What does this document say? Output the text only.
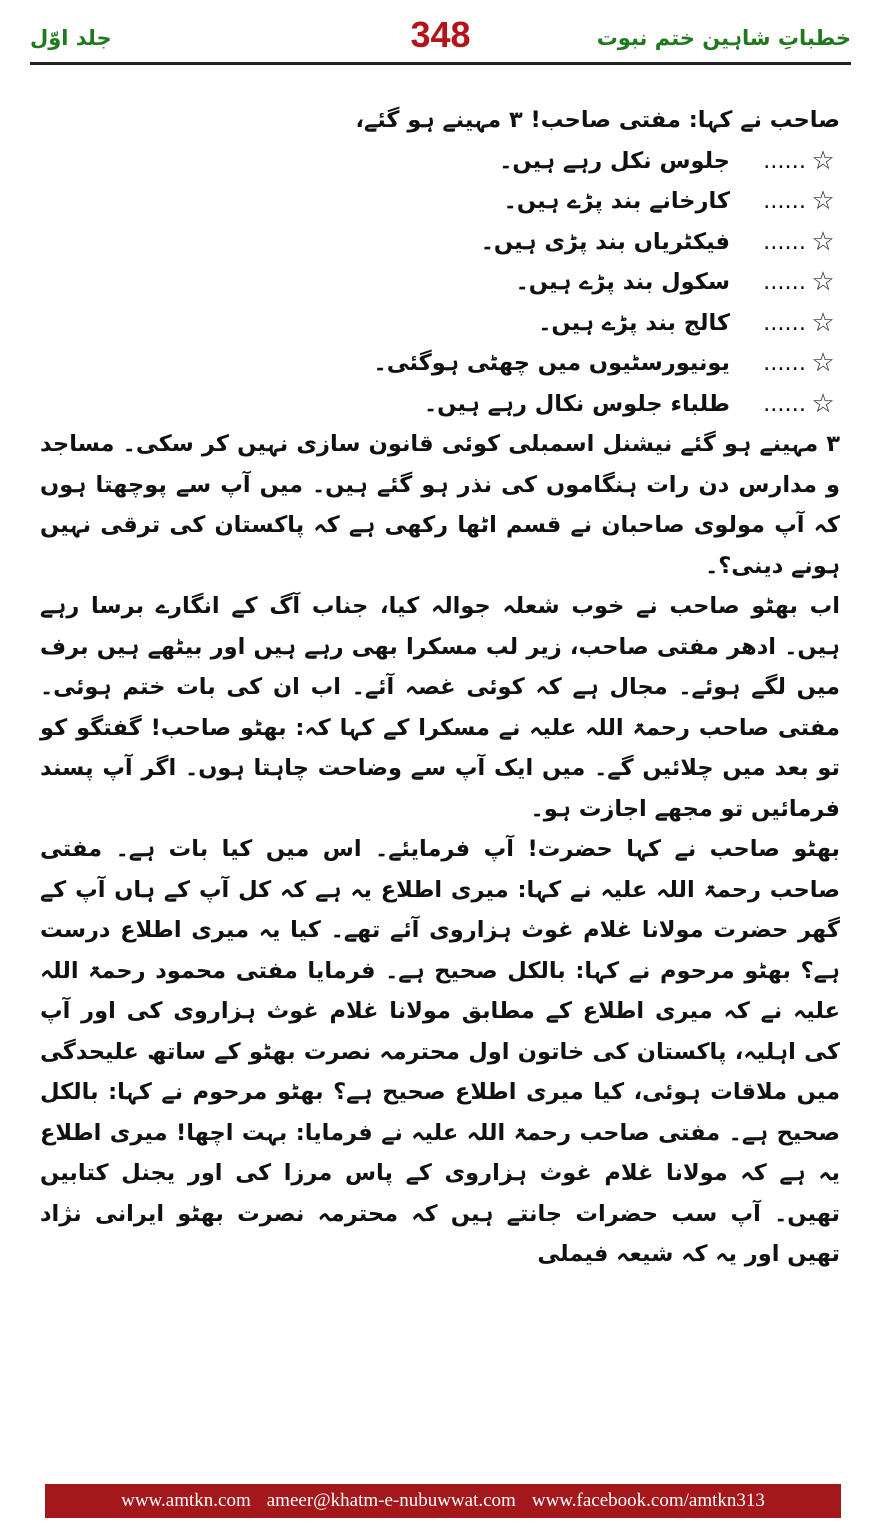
جلد اوّل	348	خطباتِ شاہین ختم نبوت

صاحب نے کہا: مفتی صاحب! ۳ مہینے ہو گئے،

☆
......
جلوس نکل رہے ہیں۔
☆
......
کارخانے بند پڑے ہیں۔
☆
......
فیکٹریاں بند پڑی ہیں۔
☆
......
سکول بند پڑے ہیں۔
☆
......
کالج بند پڑے ہیں۔
☆
......
یونیورسٹیوں میں چھٹی ہوگئی۔
☆
......
طلباء جلوس نکال رہے ہیں۔

۳ مہینے ہو گئے نیشنل اسمبلی کوئی قانون سازی نہیں کر سکی۔ مساجد و مدارس دن رات ہنگاموں کی نذر ہو گئے ہیں۔ میں آپ سے پوچھتا ہوں کہ آپ مولوی صاحبان نے قسم اٹھا رکھی ہے کہ پاکستان کی ترقی نہیں ہونے دینی؟۔

اب بھٹو صاحب نے خوب شعلہ جوالہ کیا، جناب آگ کے انگارے برسا رہے ہیں۔ ادھر مفتی صاحب، زیر لب مسکرا بھی رہے ہیں اور بیٹھے ہیں برف میں لگے ہوئے۔ مجال ہے کہ کوئی غصہ آئے۔ اب ان کی بات ختم ہوئی۔ مفتی صاحب رحمۃ اللہ علیہ نے مسکرا کے کہا کہ: بھٹو صاحب! گفتگو کو تو بعد میں چلائیں گے۔ میں ایک آپ سے وضاحت چاہتا ہوں۔ اگر آپ پسند فرمائیں تو مجھے اجازت ہو۔

بھٹو صاحب نے کہا حضرت! آپ فرمایئے۔ اس میں کیا بات ہے۔ مفتی صاحب رحمۃ اللہ علیہ نے کہا: میری اطلاع یہ ہے کہ کل آپ کے ہاں آپ کے گھر حضرت مولانا غلام غوث ہزاروی آئے تھے۔ کیا یہ میری اطلاع درست ہے؟ بھٹو مرحوم نے کہا: بالکل صحیح ہے۔ فرمایا مفتی محمود رحمۃ اللہ علیہ نے کہ میری اطلاع کے مطابق مولانا غلام غوث ہزاروی کی اور آپ کی اہلیہ، پاکستان کی خاتون اول محترمہ نصرت بھٹو کے ساتھ علیحدگی میں ملاقات ہوئی، کیا میری اطلاع صحیح ہے؟ بھٹو مرحوم نے کہا: بالکل صحیح ہے۔ مفتی صاحب رحمۃ اللہ علیہ نے فرمایا: بہت اچھا! میری اطلاع یہ ہے کہ مولانا غلام غوث ہزاروی کے پاس مرزا کی اور یجنل کتابیں تھیں۔ آپ سب حضرات جانتے ہیں کہ محترمہ نصرت بھٹو ایرانی نژاد تھیں اور یہ کہ شیعہ فیملی

www.amtkn.com ameer@khatm-e-nubuwwat.com www.facebook.com/amtkn313
